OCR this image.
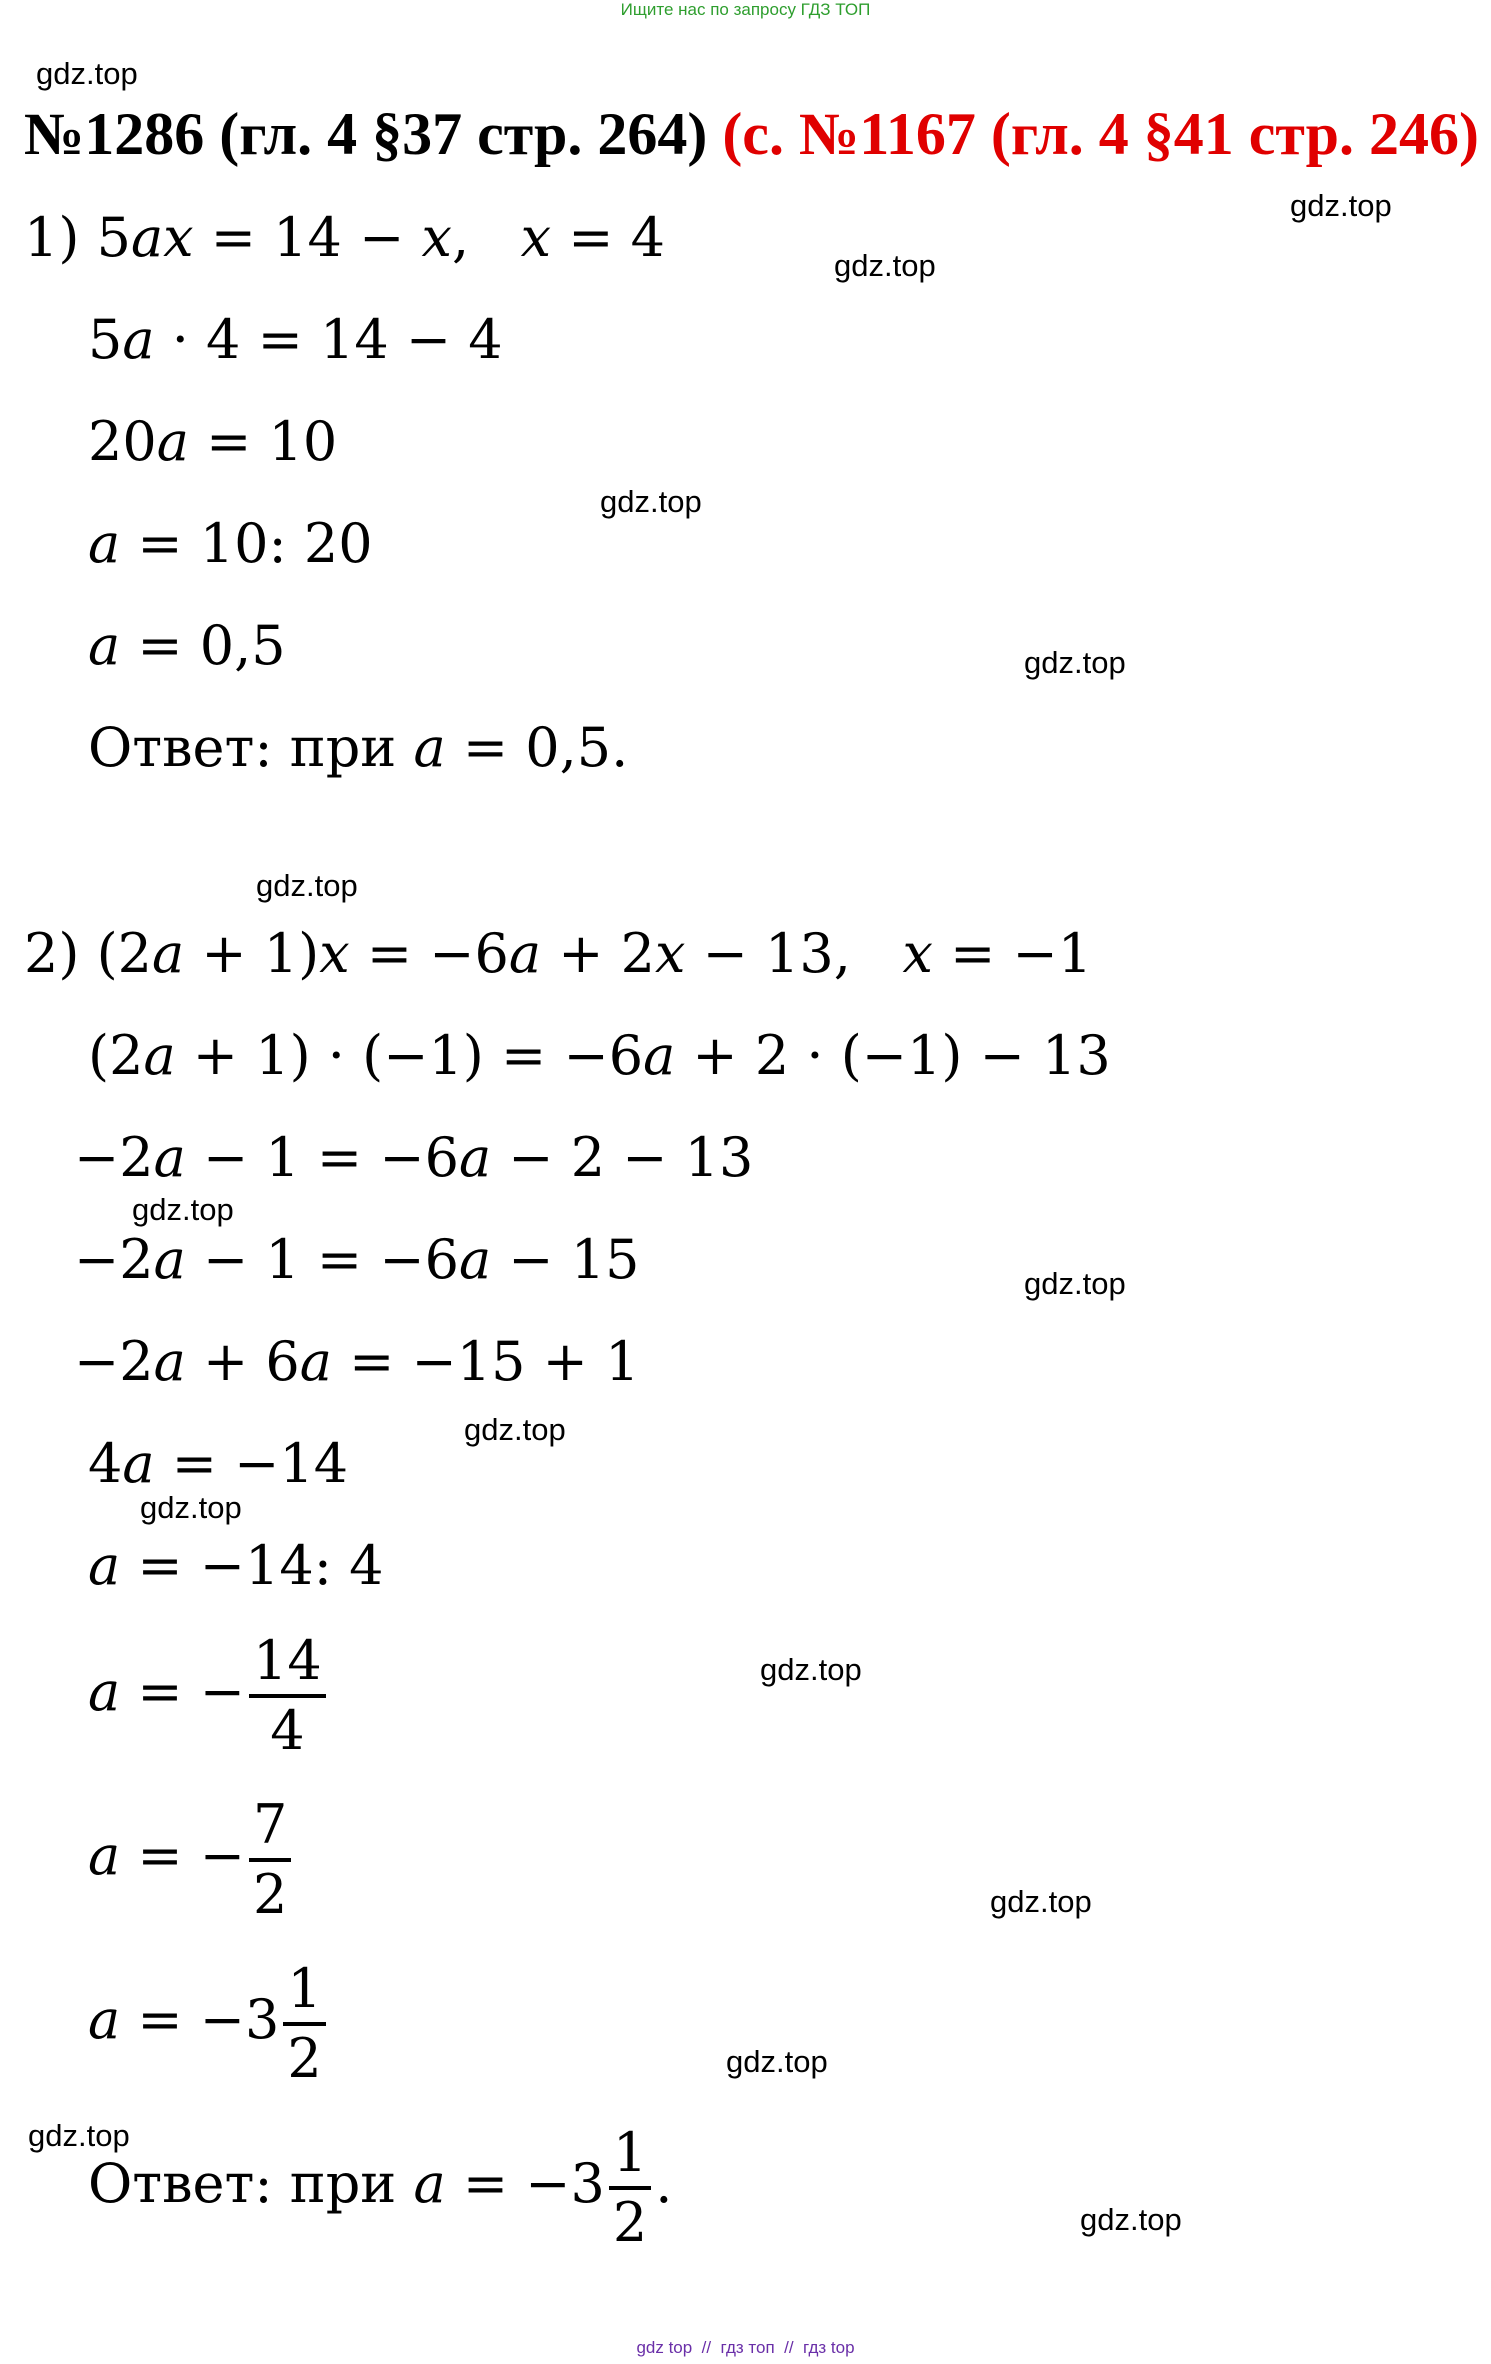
Ищите нас по запросу ГДЗ ТОП
gdz.top
gdz.top
gdz.top
gdz.top
gdz.top
gdz.top
gdz.top
gdz.top
gdz.top
gdz.top
gdz.top
gdz.top
gdz.top
gdz.top
gdz.top
№1286 (гл. 4 §37 стр. 264) (с. №1167 (гл. 4 §41 стр. 246)
1) 5ax = 14 − x,   x = 4
5a · 4 = 14 − 4
20a = 10
a = 10: 20
a = 0,5
Ответ: при a = 0,5.
2) (2a + 1)x = −6a + 2x − 13,   x = −1
(2a + 1) · (−1) = −6a + 2 · (−1) − 13
−2a − 1 = −6a − 2 − 13
−2a − 1 = −6a − 15
−2a + 6a = −15 + 1
4a = −14
a = −14: 4
a = − $\frac{14}{4}$
a = − $\frac{7}{2}$
$a = -3 \frac{1}{2}$
Ответ: при $a = -3 \frac{1}{2}$ .
gdz top  //  гдз топ  //  гдз top
